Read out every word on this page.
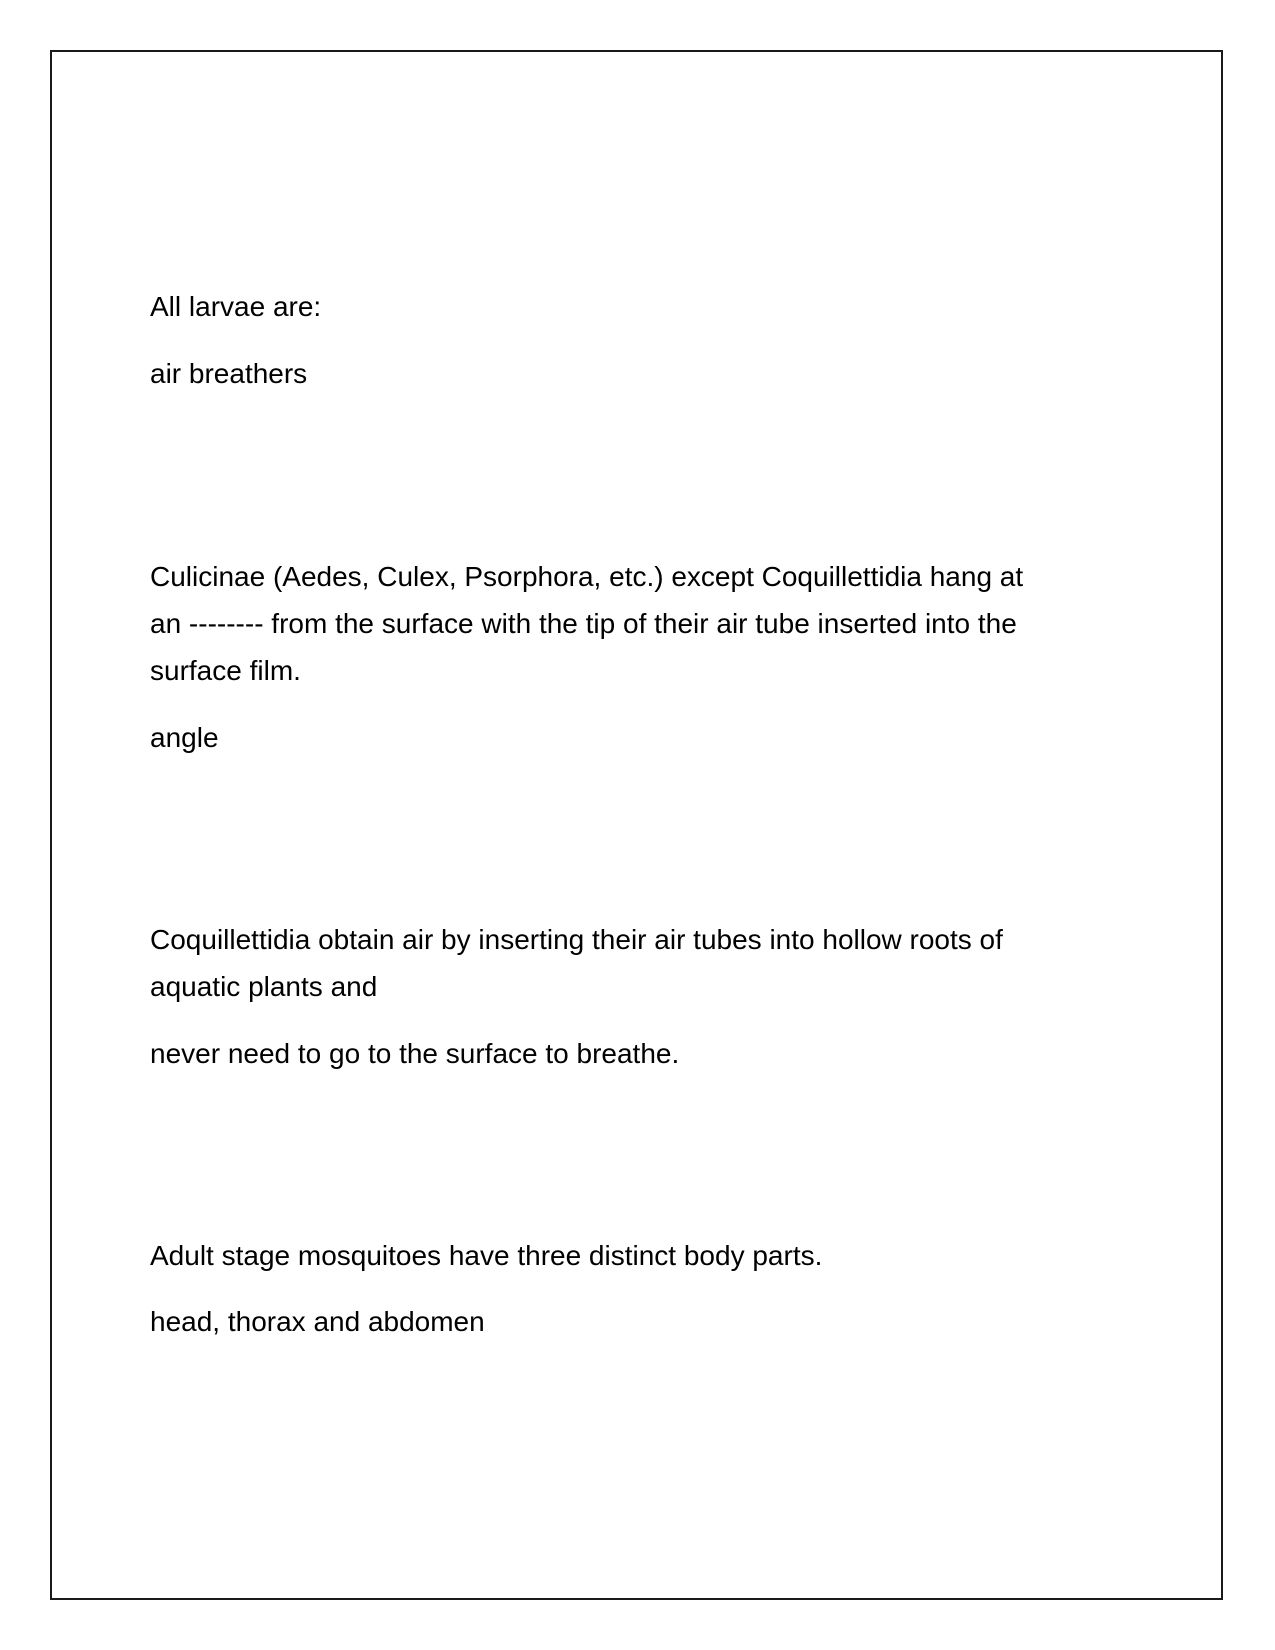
All larvae are:

air breathers

Culicinae (Aedes, Culex, Psorphora, etc.) except Coquillettidia hang at
an -------- from the surface with the tip of their air tube inserted into the
surface film.

angle

Coquillettidia obtain air by inserting their air tubes into hollow roots of
aquatic plants and

never need to go to the surface to breathe.

Adult stage mosquitoes have three distinct body parts.

head, thorax and abdomen
